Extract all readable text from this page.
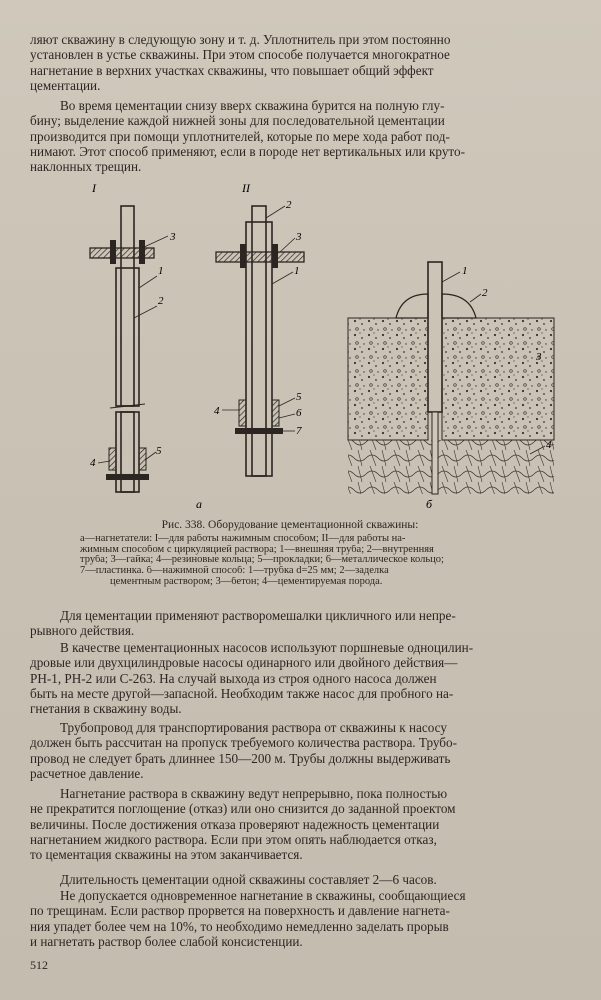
ляют скважину в следующую зону и т. д. Уплотнитель при этом постоянно
установлен в устье скважины. При этом способе получается многократное
нагнетание в верхних участках скважины, что повышает общий эффект
цементации.

Во время цементации снизу вверх скважина бурится на полную глу-
бину; выделение каждой нижней зоны для последовательной цементации
производится при помощи уплотнителей, которые по мере хода работ под-
нимают. Этот способ применяют, если в породе нет вертикальных или круто-
наклонных трещин.

I
3
1
2
4
5
II
2
3
1
4
5
6
7
а
1
2
3
4
б
Рис. 338. Оборудование цементационной скважины:
а—нагнетатели: I—для работы нажимным способом; II—для работы на-
жимным способом с циркуляцией раствора; 1—внешняя труба; 2—внутренняя
труба; 3—гайка; 4—резиновые кольца; 5—прокладки; 6—металлическое кольцо;
7—пластинка. б—нажимной способ: 1—трубка d=25 мм; 2—заделка
цементным раствором; 3—бетон; 4—цементируемая порода.

Для цементации применяют растворомешалки цикличного или непре-
рывного действия.

В качестве цементационных насосов используют поршневые одноцилин-
дровые или двухцилиндровые насосы одинарного или двойного действия—
РН-1, РН-2 или С-263. На случай выхода из строя одного насоса должен
быть на месте другой—запасной. Необходим также насос для пробного на-
гнетания в скважину воды.

Трубопровод для транспортирования раствора от скважины к насосу
должен быть рассчитан на пропуск требуемого количества раствора. Трубо-
провод не следует брать длиннее 150—200 м. Трубы должны выдерживать
расчетное давление.

Нагнетание раствора в скважину ведут непрерывно, пока полностью
не прекратится поглощение (отказ) или оно снизится до заданной проектом
величины. После достижения отказа проверяют надежность цементации
нагнетанием жидкого раствора. Если при этом опять наблюдается отказ,
то цементация скважины на этом заканчивается.

Длительность цементации одной скважины составляет 2—6 часов.

Не допускается одновременное нагнетание в скважины, сообщающиеся
по трещинам. Если раствор прорвется на поверхность и давление нагнета-
ния упадет более чем на 10%, то необходимо немедленно заделать прорыв
и нагнетать раствор более слабой консистенции.

512
